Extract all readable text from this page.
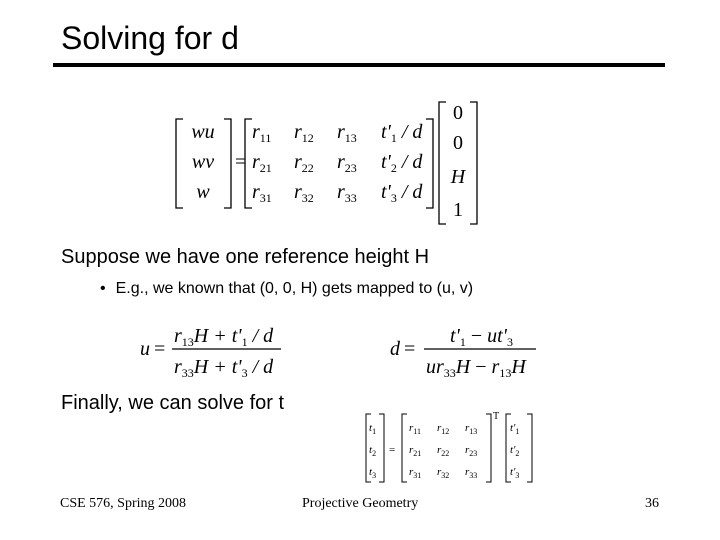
Solving for d
wu
wv
w
=
$r_{11}$ $r_{12}$ $r_{13}$ $t'_1$ / d
$r_{21}$ $r_{22}$ $r_{23}$ $t'_2$ / d
$r_{31}$ $r_{32}$ $r_{33}$ $t'_3$ / d
0
0
H
1
Suppose we have one reference height H
• E.g., we known that (0, 0, H) gets mapped to (u, v)
u =
$r_{13}H + t'_1 / d$
$r_{33}H + t'_3 / d$
d =
$t'_1 - ut'_3$
$ur_{33}H - r_{13}H$
Finally, we can solve for t
$t_1$
$t_2$
$t_3$
=
$r_{11}$ $r_{12}$ $r_{13}$
$r_{21}$ $r_{22}$ $r_{23}$
$r_{31}$ $r_{32}$ $r_{33}$
T
$t'_1$
$t'_2$
$t'_3$
CSE 576, Spring 2008	Projective Geometry	36
